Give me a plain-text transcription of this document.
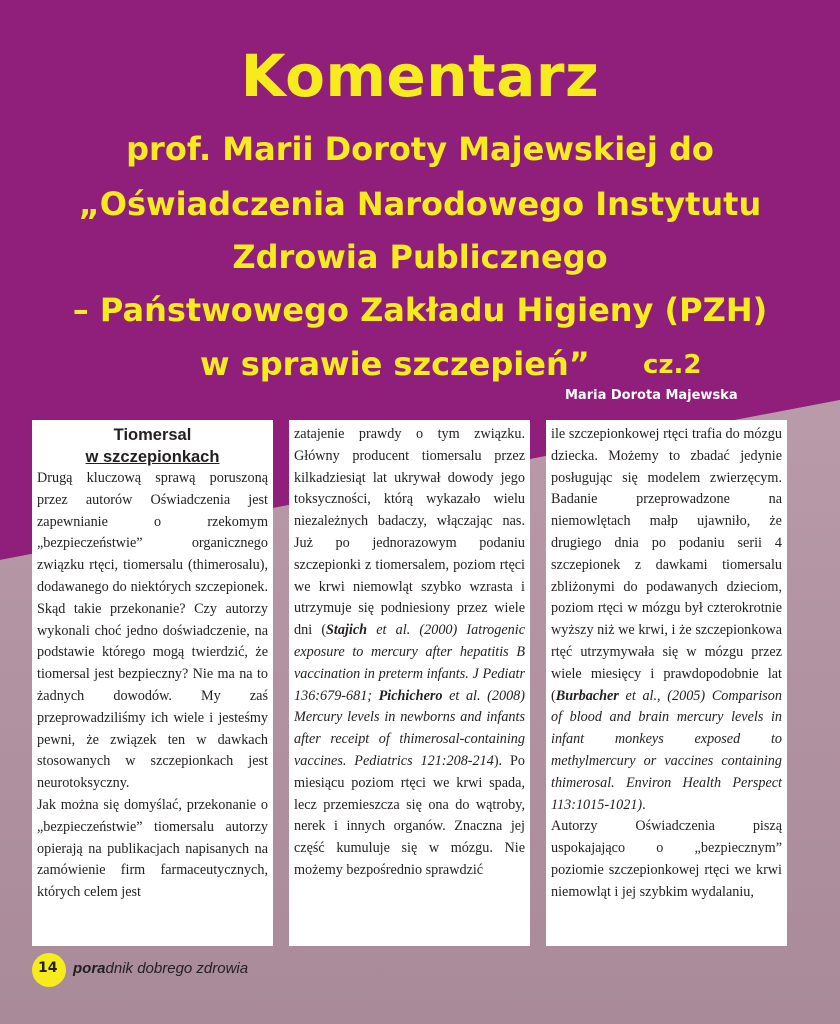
Komentarz
prof. Marii Doroty Majewskiej do
„Oświadczenia Narodowego Instytutu
Zdrowia Publicznego
– Państwowego Zakładu Higieny (PZH)
w sprawie szczepień” cz.2
Maria Dorota Majewska
Tiomersal
w szczepionkach

Drugą kluczową sprawą poruszoną przez autorów Oświadczenia jest zapewnianie o rzekomym „bezpieczeństwie” organicznego związku rtęci, tiomersalu (thimerosalu), dodawanego do niektórych szczepionek. Skąd takie przekonanie? Czy autorzy wykonali choć jedno doświadczenie, na podstawie którego mogą twierdzić, że tiomersal jest bezpieczny? Nie ma na to żadnych dowodów. My zaś przeprowadziliśmy ich wiele i jesteśmy pewni, że związek ten w dawkach stosowanych w szczepionkach jest neurotoksyczny.

Jak można się domyślać, przekonanie o „bezpieczeństwie” tiomersalu autorzy opierają na publikacjach napisanych na zamówienie firm farmaceutycznych, których celem jest

zatajenie prawdy o tym związku. Główny producent tiomersalu przez kilkadziesiąt lat ukrywał dowody jego toksyczności, którą wykazało wielu niezależnych badaczy, włączając nas. Już po jednorazowym podaniu szczepionki z tiomersalem, poziom rtęci we krwi niemowląt szybko wzrasta i utrzymuje się podniesiony przez wiele dni (Stajich et al. (2000) Iatrogenic exposure to mercury after hepatitis B vaccination in preterm infants. J Pediatr 136:679-681; Pichichero et al. (2008) Mercury levels in newborns and infants after receipt of thimerosal-containing vaccines. Pediatrics 121:208-214). Po miesiącu poziom rtęci we krwi spada, lecz przemieszcza się ona do wątroby, nerek i innych organów. Znaczna jej część kumuluje się w mózgu. Nie możemy bezpośrednio sprawdzić

ile szczepionkowej rtęci trafia do mózgu dziecka. Możemy to zbadać jedynie posługując się modelem zwierzęcym. Badanie przeprowadzone na niemowlętach małp ujawniło, że drugiego dnia po podaniu serii 4 szczepionek z dawkami tiomersalu zbliżonymi do podawanych dzieciom, poziom rtęci w mózgu był czterokrotnie wyższy niż we krwi, i że szczepionkowa rtęć utrzymywała się w mózgu przez wiele miesięcy i prawdopodobnie lat (Burbacher et al., (2005) Comparison of blood and brain mercury levels in infant monkeys exposed to methylmercury or vaccines containing thimerosal. Environ Health Perspect 113:1015-1021).

Autorzy Oświadczenia piszą uspokajająco o „bezpiecznym” poziomie szczepionkowej rtęci we krwi niemowląt i jej szybkim wydalaniu,

14 poradnik dobrego zdrowia
